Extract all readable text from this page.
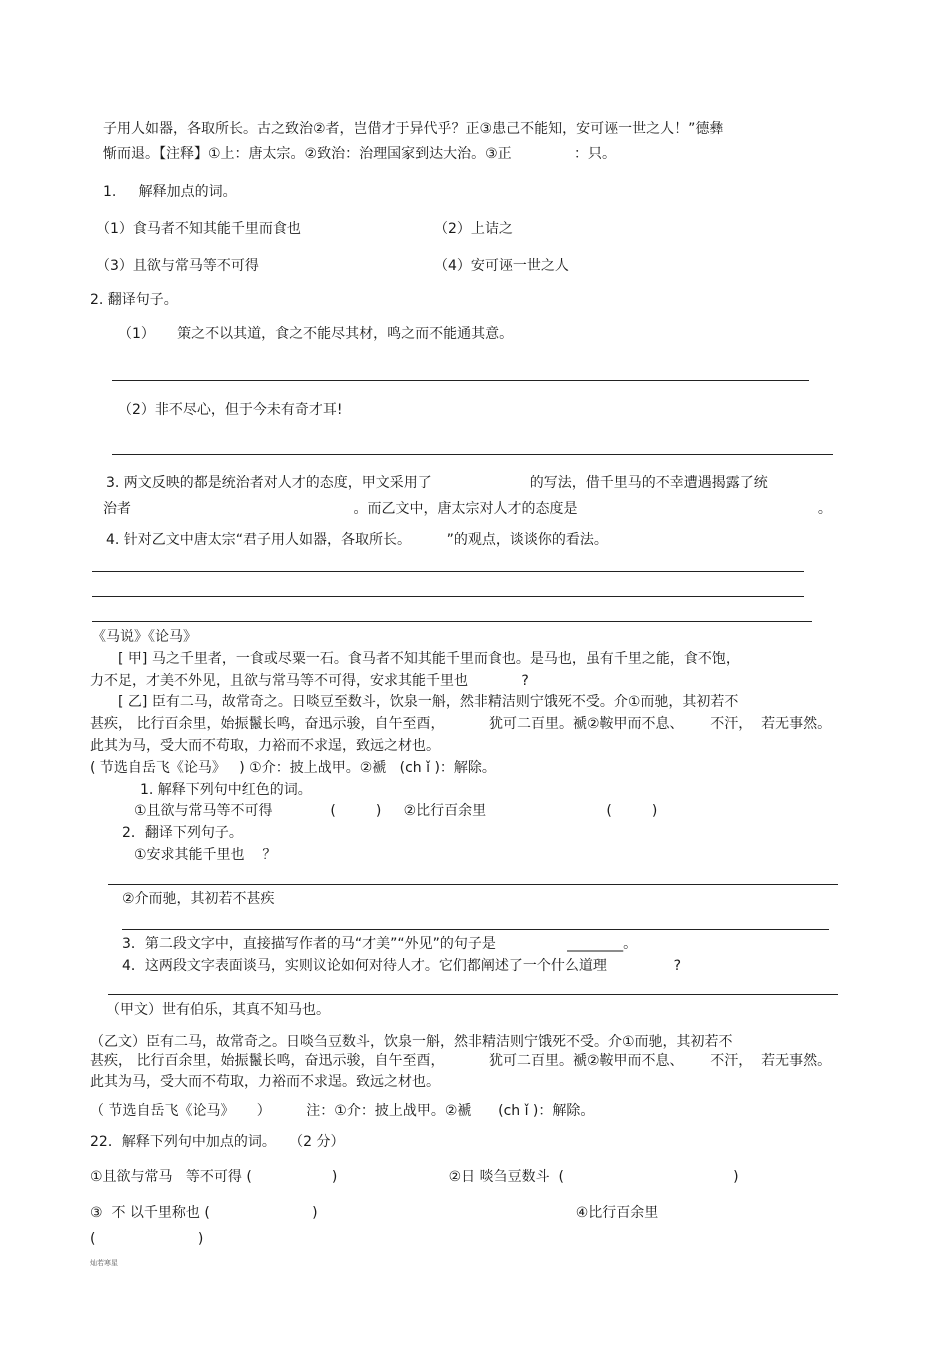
子用人如器，各取所长。古之致治②者，岂借才于异代乎？正③患己不能知，安可诬一世之人！”德彝
惭而退。【注释】①上：唐太宗。②致治：治理国家到达大治。③正              ：只。
1.     解释加点的词。
（1）食马者不知其能千里而食也	（2）上诘之
（3）且欲与常马等不可得	（4）安可诬一世之人
2. 翻译句子。
（1）     策之不以其道，食之不能尽其材，鸣之而不能通其意。
（2）非不尽心，但于今未有奇才耳!
3. 两文反映的都是统治者对人才的态度，甲文采用了                      的写法，借千里马的不幸遭遇揭露了统
治者                                                  。而乙文中，唐太宗对人才的态度是                                                      。
4. 针对乙文中唐太宗“君子用人如器，各取所长。        ”的观点，谈谈你的看法。
《马说》《论马》
[ 甲] 马之千里者，一食或尽粟一石。食马者不知其能千里而食也。是马也，虽有千里之能，食不饱，
力不足，才美不外见，且欲与常马等不可得，安求其能千里也            ?
[ 乙] 臣有二马，故常奇之。日啖豆至数斗，饮泉一斛，然非精洁则宁饿死不受。介①而驰，其初若不
甚疾， 比行百余里，始振鬣长鸣，奋迅示骏，自午至酉，          犹可二百里。褫②鞍甲而不息、      不汗，  若无事然。
此其为马，受大而不苟取，力裕而不求逞，致远之材也。
( 节选自岳飞《论马》   ) ①介：披上战甲。②褫   (ch ǐ )：解除。
1. 解释下列句中红色的词。
①且欲与常马等不可得             (         )     ②比行百余里                           (         )
2．翻译下列句子。
①安求其能千里也    ？
②介而驰，其初若不甚疾
3．第二段文字中，直接描写作者的马“才美”“外见”的句子是                ________。
4．这两段文字表面谈马，实则议论如何对待人才。它们都阐述了一个什么道理               ?
（甲文）世有伯乐，其真不知马也。
（乙文）臣有二马，故常奇之。日啖刍豆数斗，饮泉一斛，然非精洁则宁饿死不受。介①而驰，其初若不
甚疾， 比行百余里，始振鬣长鸣，奋迅示骏，自午至酉，          犹可二百里。褫②鞍甲而不息、      不汗，  若无事然。
此其为马，受大而不苟取，力裕而不求逞。致远之材也。
（ 节选自岳飞《论马》     ）        注：①介：披上战甲。②褫      (ch ǐ )：解除。
22．解释下列句中加点的词。   （2 分）
①且欲与常马   等不可得 (                  )                         ②日 啖刍豆数斗  (                                      )
③  不 以千里称也 (                       )                                                          ④比行百余里
(                       )
灿若寒星
